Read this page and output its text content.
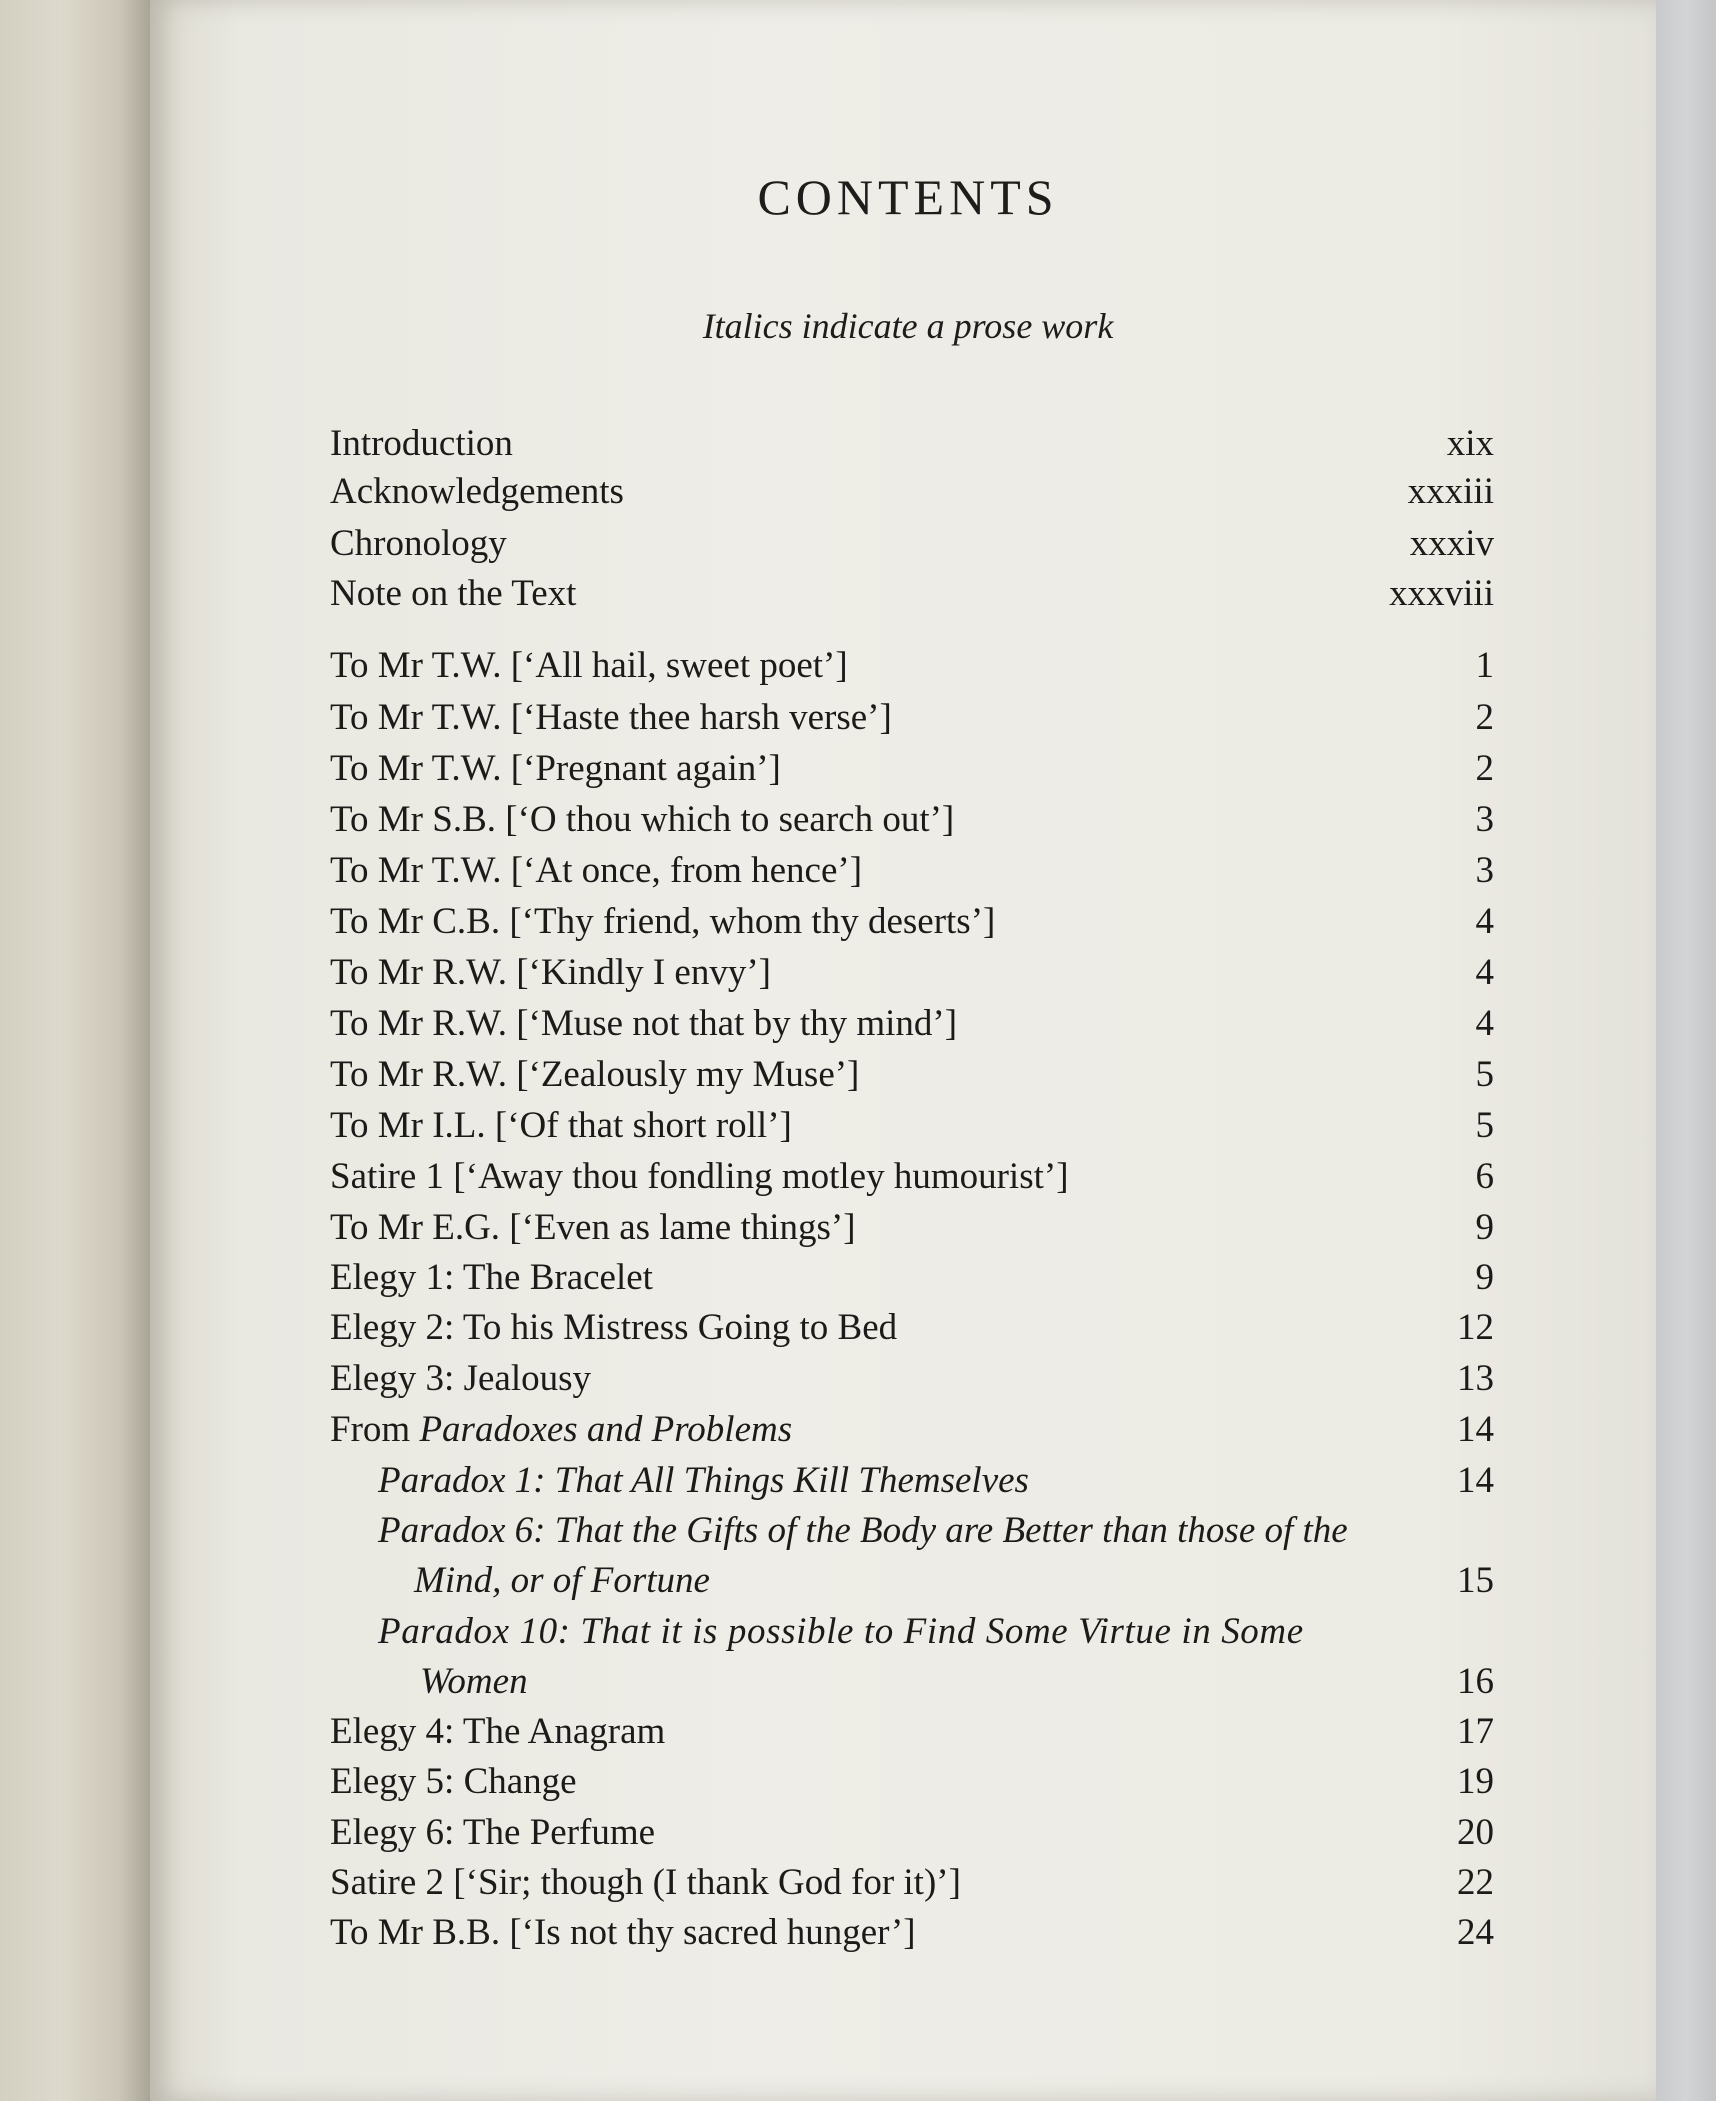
CONTENTS
Italics indicate a prose work
Introduction	xix
Acknowledgements	xxxiii
Chronology	xxxiv
Note on the Text	xxxviii
To Mr T.W. [‘All hail, sweet poet’]	1
To Mr T.W. [‘Haste thee harsh verse’]	2
To Mr T.W. [‘Pregnant again’]	2
To Mr S.B. [‘O thou which to search out’]	3
To Mr T.W. [‘At once, from hence’]	3
To Mr C.B. [‘Thy friend, whom thy deserts’]	4
To Mr R.W. [‘Kindly I envy’]	4
To Mr R.W. [‘Muse not that by thy mind’]	4
To Mr R.W. [‘Zealously my Muse’]	5
To Mr I.L. [‘Of that short roll’]	5
Satire 1 [‘Away thou fondling motley humourist’]	6
To Mr E.G. [‘Even as lame things’]	9
Elegy 1: The Bracelet	9
Elegy 2: To his Mistress Going to Bed	12
Elegy 3: Jealousy	13
From Paradoxes and Problems	14
Paradox 1: That All Things Kill Themselves	14
Paradox 6: That the Gifts of the Body are Better than those of the
Mind, or of Fortune	15
Paradox 10: That it is possible to Find Some Virtue in Some
Women	16
Elegy 4: The Anagram	17
Elegy 5: Change	19
Elegy 6: The Perfume	20
Satire 2 [‘Sir; though (I thank God for it)’]	22
To Mr B.B. [‘Is not thy sacred hunger’]	24
